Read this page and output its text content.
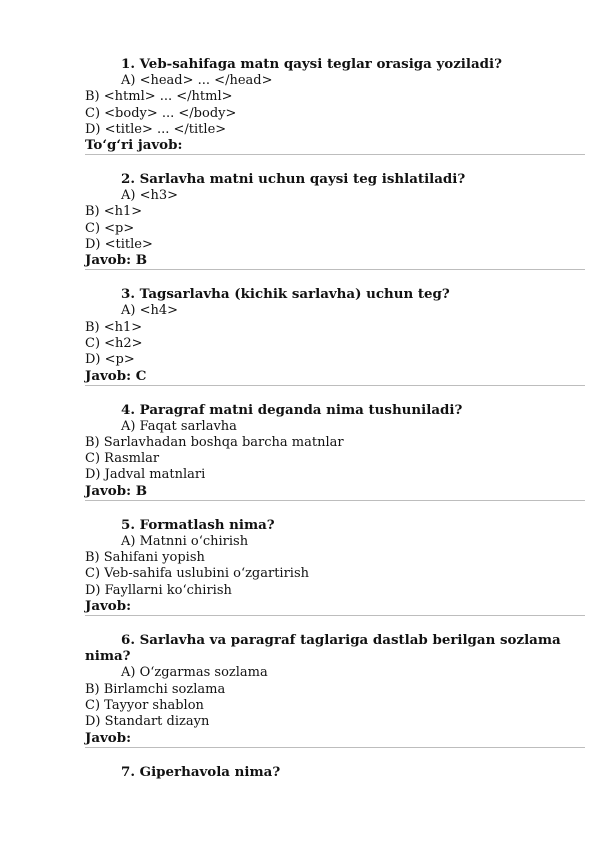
1. Veb-sahifaga matn qaysi teglar orasiga yoziladi?
A) <head> ... </head>
B) <html> ... </html>
C) <body> ... </body>
D) <title> ... </title>
To‘g‘ri javob:
2. Sarlavha matni uchun qaysi teg ishlatiladi?
A) <h3>
B) <h1>
C) <p>
D) <title>
Javob: B
3. Tagsarlavha (kichik sarlavha) uchun teg?
A) <h4>
B) <h1>
C) <h2>
D) <p>
Javob: C
4. Paragraf matni deganda nima tushuniladi?
A) Faqat sarlavha
B) Sarlavhadan boshqa barcha matnlar
C) Rasmlar
D) Jadval matnlari
Javob: B
5. Formatlash nima?
A) Matnni o‘chirish
B) Sahifani yopish
C) Veb-sahifa uslubini o‘zgartirish
D) Fayllarni ko‘chirish
Javob:
6. Sarlavha va paragraf taglariga dastlab berilgan sozlama nima?
A) O‘zgarmas sozlama
B) Birlamchi sozlama
C) Tayyor shablon
D) Standart dizayn
Javob:
7. Giperhavola nima?
